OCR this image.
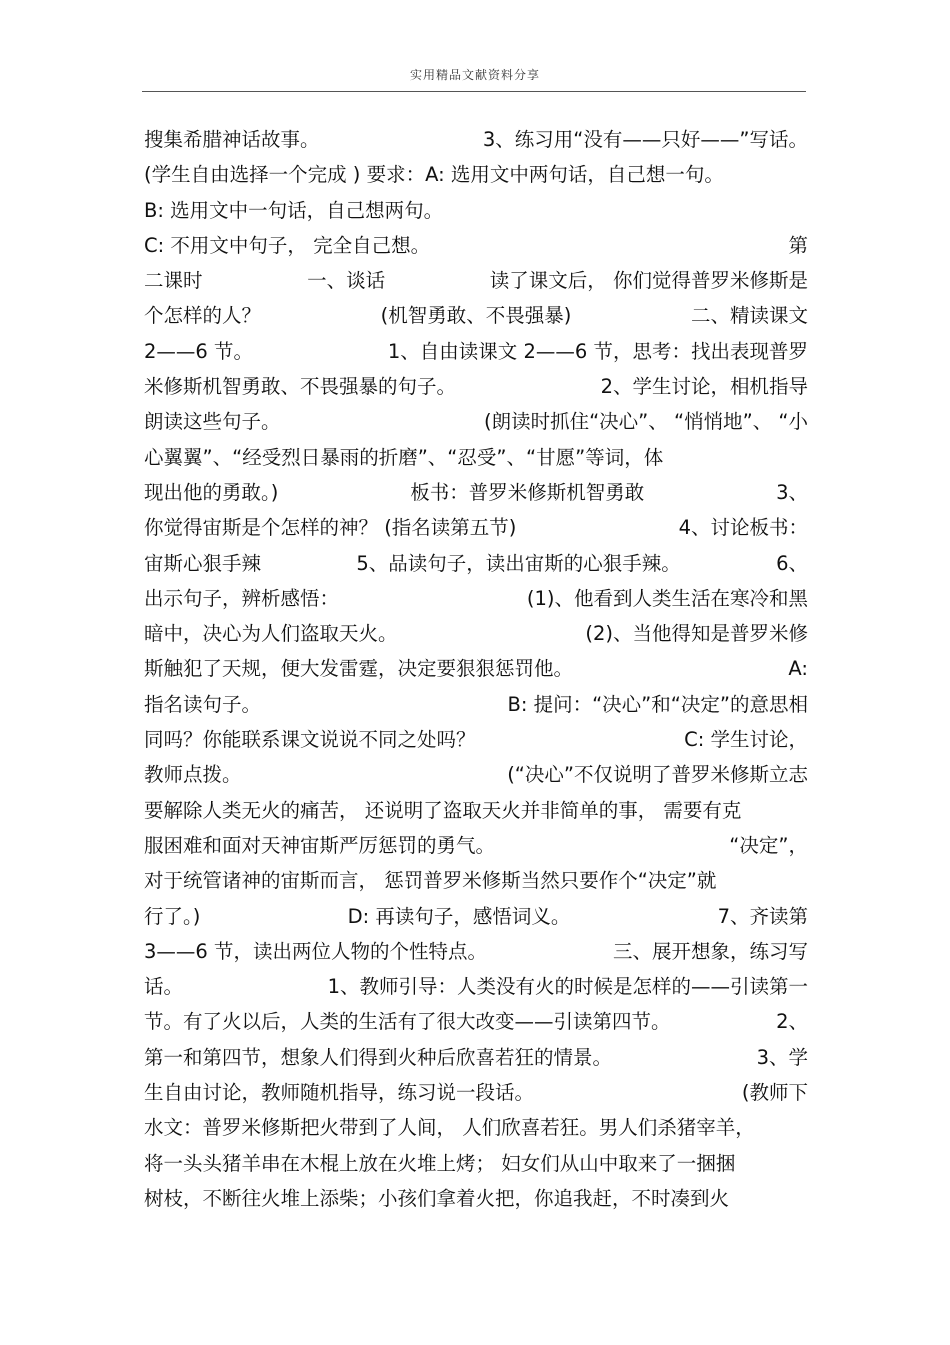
实用精品文献资料分享
搜集希腊神话故事。	3、练习用“没有——只好——”写话。
(学生自由选择一个完成 ) 要求：A: 选用文中两句话，自己想一句。
B: 选用文中一句话，自己想两句。
C: 不用文中句子， 完全自己想。	第
二课时	一、谈话	读了课文后， 你们觉得普罗米修斯是
个怎样的人？	(机智勇敢、不畏强暴)	二、精读课文
2——6 节。	1、自由读课文 2——6 节，思考：找出表现普罗
米修斯机智勇敢、不畏强暴的句子。	2、学生讨论，相机指导
朗读这些句子。	(朗读时抓住“决心”、 “悄悄地”、 “小
心翼翼”、“经受烈日暴雨的折磨”、“忍受”、“甘愿”等词，体
现出他的勇敢。)	板书：普罗米修斯机智勇敢	3、
你觉得宙斯是个怎样的神？ (指名读第五节)	4、讨论板书：
宙斯心狠手辣	5、品读句子，读出宙斯的心狠手辣。	6、
出示句子，辨析感悟：	(1)、他看到人类生活在寒冷和黑
暗中，决心为人们盗取天火。	(2)、当他得知是普罗米修
斯触犯了天规，便大发雷霆，决定要狠狠惩罚他。	A:
指名读句子。	B: 提问：“决心”和“决定”的意思相
同吗？你能联系课文说说不同之处吗？	C: 学生讨论，
教师点拨。	(“决心”不仅说明了普罗米修斯立志
要解除人类无火的痛苦， 还说明了盗取天火并非简单的事， 需要有克
服困难和面对天神宙斯严厉惩罚的勇气。	“决定”，
对于统管诸神的宙斯而言， 惩罚普罗米修斯当然只要作个“决定”就
行了。)	D: 再读句子，感悟词义。	7、齐读第
3——6 节，读出两位人物的个性特点。	三、展开想象，练习写
话。	1、教师引导：人类没有火的时候是怎样的——引读第一
节。有了火以后，人类的生活有了很大改变——引读第四节。	2、
第一和第四节，想象人们得到火种后欣喜若狂的情景。	3、学
生自由讨论，教师随机指导，练习说一段话。	(教师下
水文：普罗米修斯把火带到了人间， 人们欣喜若狂。男人们杀猪宰羊，
将一头头猪羊串在木棍上放在火堆上烤； 妇女们从山中取来了一捆捆
树枝，不断往火堆上添柴；小孩们拿着火把，你追我赶，不时凑到火
